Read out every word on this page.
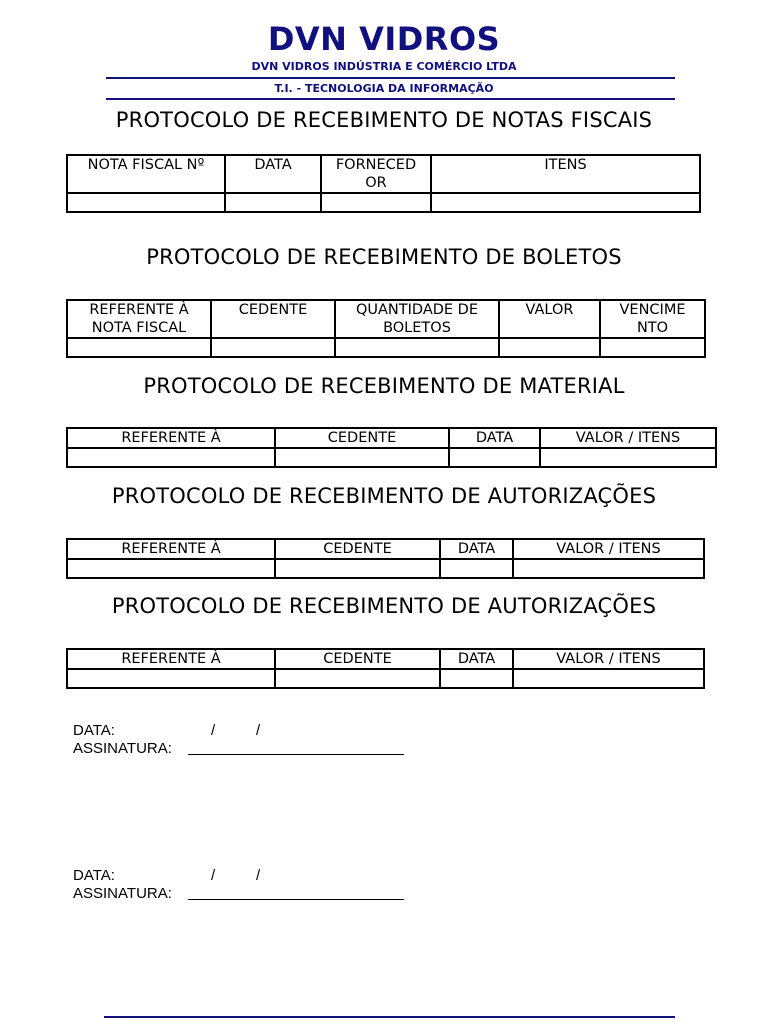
DVN VIDROS
DVN VIDROS INDÚSTRIA E COMÉRCIO LTDA
T.I. - TECNOLOGIA DA INFORMAÇÃO
PROTOCOLO DE RECEBIMENTO DE NOTAS FISCAIS
NOTA FISCAL Nº	DATA	FORNECED OR	ITENS

PROTOCOLO DE RECEBIMENTO DE BOLETOS
REFERENTE À NOTA FISCAL	CEDENTE	QUANTIDADE DE BOLETOS	VALOR	VENCIME NTO

PROTOCOLO DE RECEBIMENTO DE MATERIAL
REFERENTE À	CEDENTE	DATA	VALOR / ITENS

PROTOCOLO DE RECEBIMENTO DE AUTORIZAÇÕES
REFERENTE À	CEDENTE	DATA	VALOR / ITENS

PROTOCOLO DE RECEBIMENTO DE AUTORIZAÇÕES
REFERENTE À	CEDENTE	DATA	VALOR / ITENS

DATA:	/	/
ASSINATURA:
DATA:	/	/
ASSINATURA:
